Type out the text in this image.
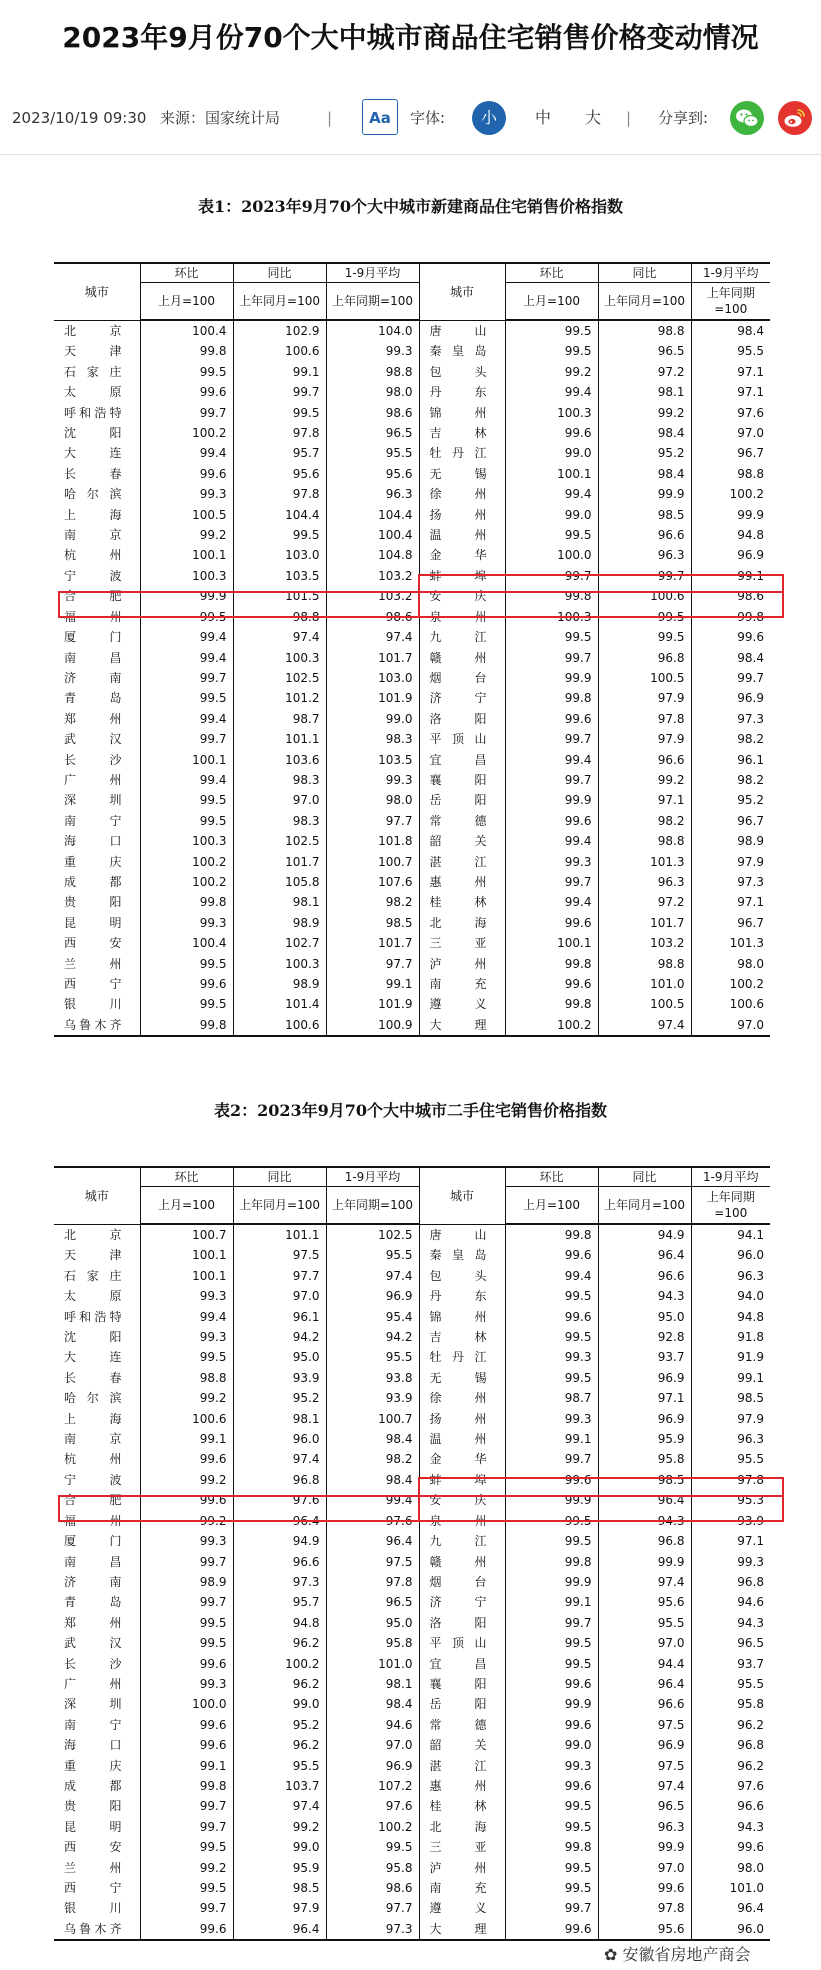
2023年9月份70个大中城市商品住宅销售价格变动情况
2023/10/19 09:30 来源：国家统计局	|	Aa	字体:	小	中	大	| 分享到:
表1：2023年9月70个大中城市新建商品住宅销售价格指数
城市	环比	同比	1-9月平均	城市	环比	同比	1-9月平均
	上月=100	上年同月=100	上年同期=100		上月=100	上年同月=100	上年同期=100
北京	100.4	102.9	104.0	唐山	99.5	98.8	98.4
天津	99.8	100.6	99.3	秦皇岛	99.5	96.5	95.5
石家庄	99.5	99.1	98.8	包头	99.2	97.2	97.1
太原	99.6	99.7	98.0	丹东	99.4	98.1	97.1
呼和浩特	99.7	99.5	98.6	锦州	100.3	99.2	97.6
沈阳	100.2	97.8	96.5	吉林	99.6	98.4	97.0
大连	99.4	95.7	95.5	牡丹江	99.0	95.2	96.7
长春	99.6	95.6	95.6	无锡	100.1	98.4	98.8
哈尔滨	99.3	97.8	96.3	徐州	99.4	99.9	100.2
上海	100.5	104.4	104.4	扬州	99.0	98.5	99.9
南京	99.2	99.5	100.4	温州	99.5	96.6	94.8
杭州	100.1	103.0	104.8	金华	100.0	96.3	96.9
宁波	100.3	103.5	103.2	蚌埠	99.7	99.7	99.1
合肥	99.9	101.5	103.2	安庆	99.8	100.6	98.6
福州	99.5	98.8	98.6	泉州	100.3	99.5	99.8
厦门	99.4	97.4	97.4	九江	99.5	99.5	99.6
南昌	99.4	100.3	101.7	赣州	99.7	96.8	98.4
济南	99.7	102.5	103.0	烟台	99.9	100.5	99.7
青岛	99.5	101.2	101.9	济宁	99.8	97.9	96.9
郑州	99.4	98.7	99.0	洛阳	99.6	97.8	97.3
武汉	99.7	101.1	98.3	平顶山	99.7	97.9	98.2
长沙	100.1	103.6	103.5	宜昌	99.4	96.6	96.1
广州	99.4	98.3	99.3	襄阳	99.7	99.2	98.2
深圳	99.5	97.0	98.0	岳阳	99.9	97.1	95.2
南宁	99.5	98.3	97.7	常德	99.6	98.2	96.7
海口	100.3	102.5	101.8	韶关	99.4	98.8	98.9
重庆	100.2	101.7	100.7	湛江	99.3	101.3	97.9
成都	100.2	105.8	107.6	惠州	99.7	96.3	97.3
贵阳	99.8	98.1	98.2	桂林	99.4	97.2	97.1
昆明	99.3	98.9	98.5	北海	99.6	101.7	96.7
西安	100.4	102.7	101.7	三亚	100.1	103.2	101.3
兰州	99.5	100.3	97.7	泸州	99.8	98.8	98.0
西宁	99.6	98.9	99.1	南充	99.6	101.0	100.2
银川	99.5	101.4	101.9	遵义	99.8	100.5	100.6
乌鲁木齐	99.8	100.6	100.9	大理	100.2	97.4	97.0
表2：2023年9月70个大中城市二手住宅销售价格指数
城市	环比	同比	1-9月平均	城市	环比	同比	1-9月平均
	上月=100	上年同月=100	上年同期=100		上月=100	上年同月=100	上年同期=100
北京	100.7	101.1	102.5	唐山	99.8	94.9	94.1
天津	100.1	97.5	95.5	秦皇岛	99.6	96.4	96.0
石家庄	100.1	97.7	97.4	包头	99.4	96.6	96.3
太原	99.3	97.0	96.9	丹东	99.5	94.3	94.0
呼和浩特	99.4	96.1	95.4	锦州	99.6	95.0	94.8
沈阳	99.3	94.2	94.2	吉林	99.5	92.8	91.8
大连	99.5	95.0	95.5	牡丹江	99.3	93.7	91.9
长春	98.8	93.9	93.8	无锡	99.5	96.9	99.1
哈尔滨	99.2	95.2	93.9	徐州	98.7	97.1	98.5
上海	100.6	98.1	100.7	扬州	99.3	96.9	97.9
南京	99.1	96.0	98.4	温州	99.1	95.9	96.3
杭州	99.6	97.4	98.2	金华	99.7	95.8	95.5
宁波	99.2	96.8	98.4	蚌埠	99.6	98.5	97.8
合肥	99.6	97.6	99.4	安庆	99.9	96.4	95.3
福州	99.2	96.4	97.6	泉州	99.5	94.3	93.9
厦门	99.3	94.9	96.4	九江	99.5	96.8	97.1
南昌	99.7	96.6	97.5	赣州	99.8	99.9	99.3
济南	98.9	97.3	97.8	烟台	99.9	97.4	96.8
青岛	99.7	95.7	96.5	济宁	99.1	95.6	94.6
郑州	99.5	94.8	95.0	洛阳	99.7	95.5	94.3
武汉	99.5	96.2	95.8	平顶山	99.5	97.0	96.5
长沙	99.6	100.2	101.0	宜昌	99.5	94.4	93.7
广州	99.3	96.2	98.1	襄阳	99.6	96.4	95.5
深圳	100.0	99.0	98.4	岳阳	99.9	96.6	95.8
南宁	99.6	95.2	94.6	常德	99.6	97.5	96.2
海口	99.6	96.2	97.0	韶关	99.0	96.9	96.8
重庆	99.1	95.5	96.9	湛江	99.3	97.5	96.2
成都	99.8	103.7	107.2	惠州	99.6	97.4	97.6
贵阳	99.7	97.4	97.6	桂林	99.5	96.5	96.6
昆明	99.7	99.2	100.2	北海	99.5	96.3	94.3
西安	99.5	99.0	99.5	三亚	99.8	99.9	99.6
兰州	99.2	95.9	95.8	泸州	99.5	97.0	98.0
西宁	99.5	98.5	98.6	南充	99.5	99.6	101.0
银川	99.7	97.9	97.7	遵义	99.7	97.8	96.4
乌鲁木齐	99.6	96.4	97.3	大理	99.6	95.6	96.0
✿ 安徽省房地产商会
